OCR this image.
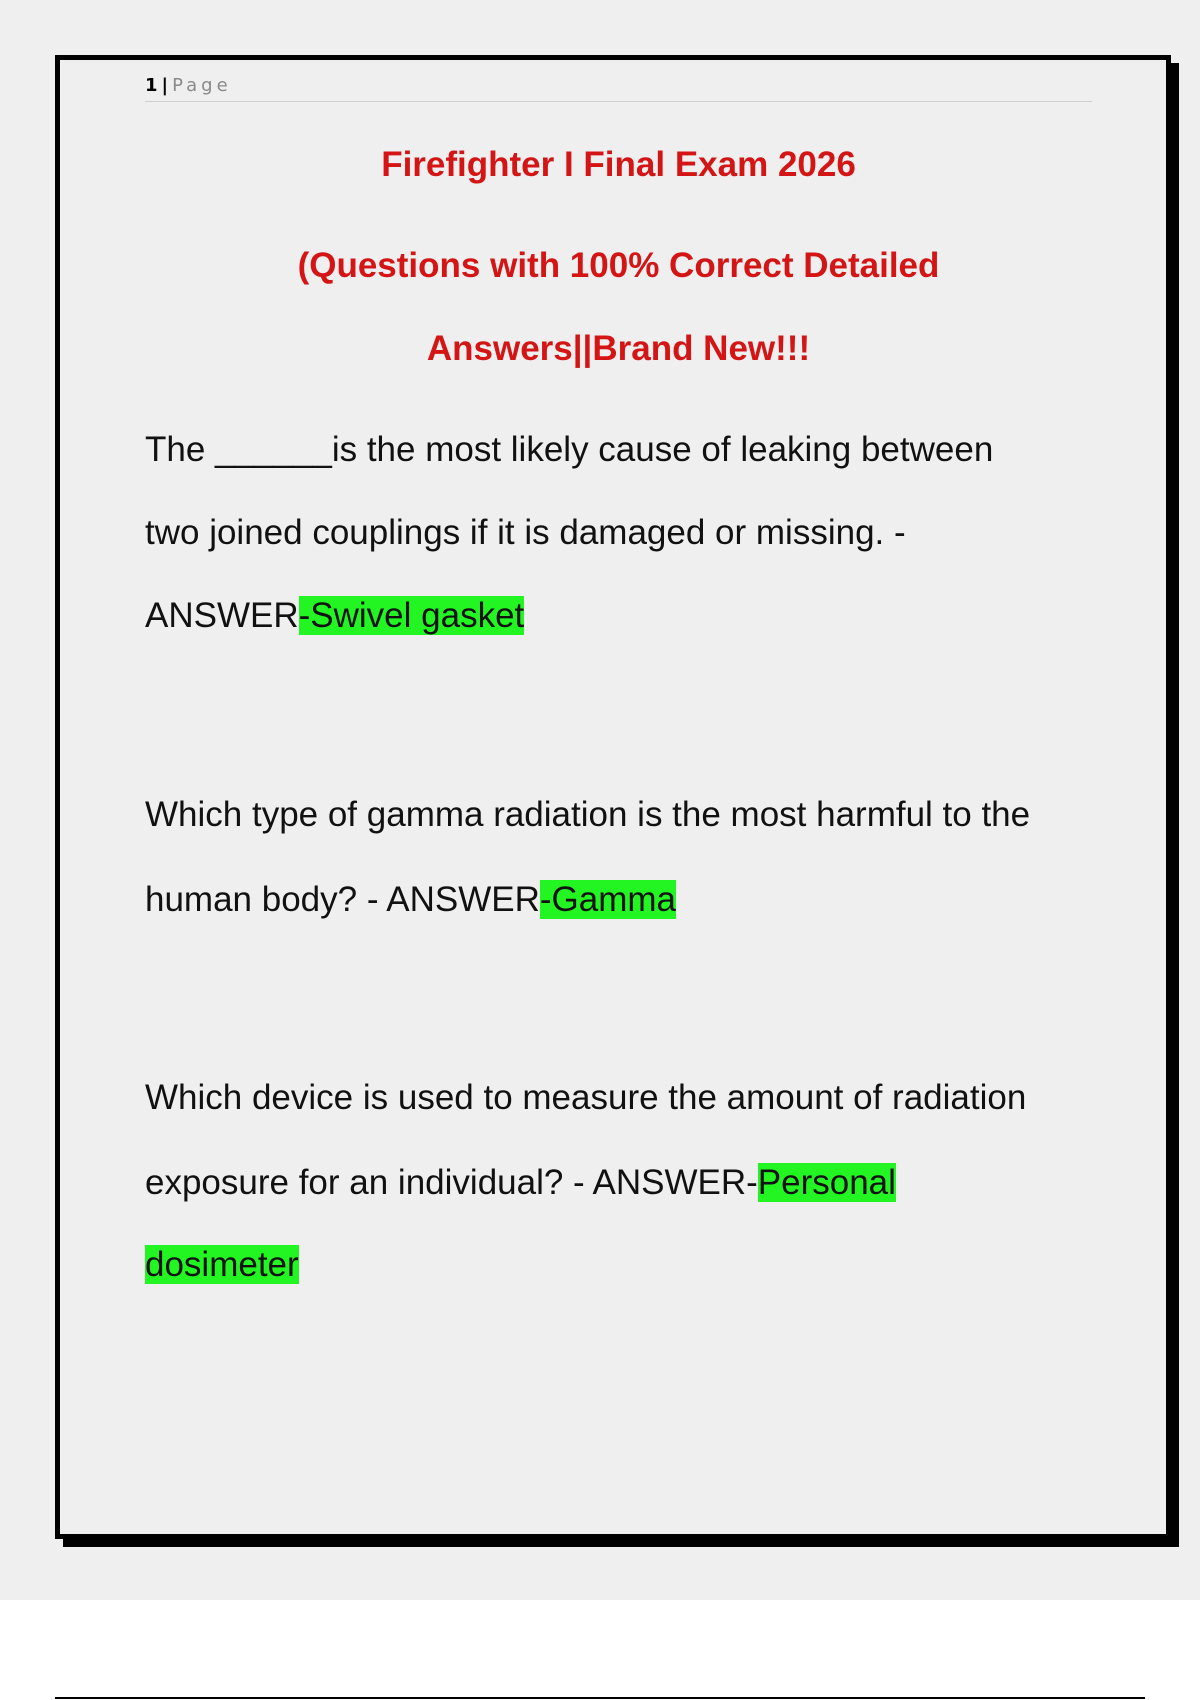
1 | Page
Firefighter I Final Exam 2026
(Questions with 100% Correct Detailed
Answers||Brand New!!!
The ______is the most likely cause of leaking between
two joined couplings if it is damaged or missing. -
ANSWER-Swivel gasket
Which type of gamma radiation is the most harmful to the
human body? - ANSWER-Gamma
Which device is used to measure the amount of radiation
exposure for an individual? - ANSWER-Personal
dosimeter
